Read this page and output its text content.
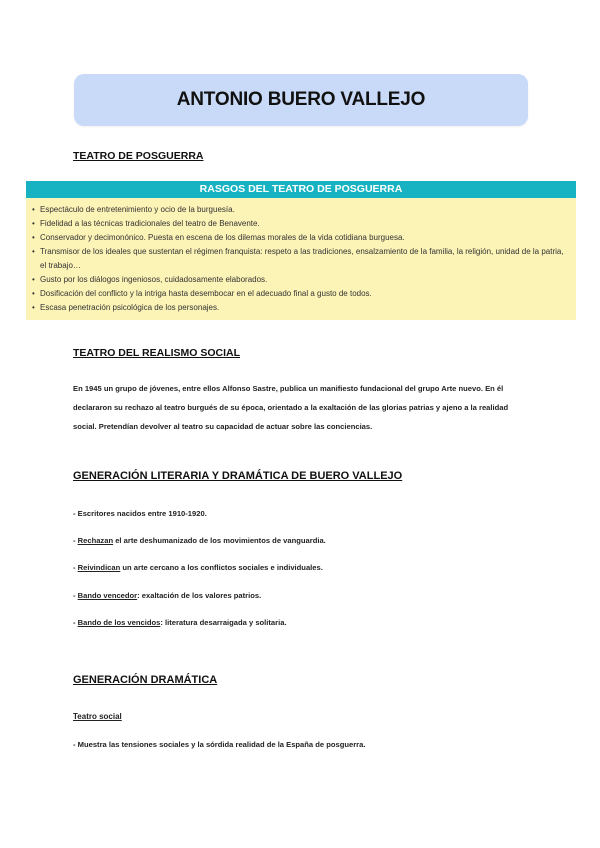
ANTONIO BUERO VALLEJO
TEATRO DE POSGUERRA
RASGOS DEL TEATRO DE POSGUERRA
• Espectáculo de entretenimiento y ocio de la burguesía.
• Fidelidad a las técnicas tradicionales del teatro de Benavente.
• Conservador y decimonónico. Puesta en escena de los dilemas morales de la vida cotidiana burguesa.
• Transmisor de los ideales que sustentan el régimen franquista: respeto a las tradiciones, ensalzamiento de la familia, la religión, unidad de la patria, el trabajo…
• Gusto por los diálogos ingeniosos, cuidadosamente elaborados.
• Dosificación del conflicto y la intriga hasta desembocar en el adecuado final a gusto de todos.
• Escasa penetración psicológica de los personajes.
TEATRO DEL REALISMO SOCIAL

En 1945 un grupo de jóvenes, entre ellos Alfonso Sastre, publica un manifiesto fundacional del grupo Arte nuevo. En él declararon su rechazo al teatro burgués de su época, orientado a la exaltación de las glorias patrias y ajeno a la realidad social. Pretendían devolver al teatro su capacidad de actuar sobre las conciencias.

GENERACIÓN LITERARIA Y DRAMÁTICA DE BUERO VALLEJO

- Escritores nacidos entre 1910-1920.

- Rechazan el arte deshumanizado de los movimientos de vanguardia.

- Reivindican un arte cercano a los conflictos sociales e individuales.

- Bando vencedor: exaltación de los valores patrios.

- Bando de los vencidos: literatura desarraigada y solitaria.

GENERACIÓN DRAMÁTICA
Teatro social

- Muestra las tensiones sociales y la sórdida realidad de la España de posguerra.
